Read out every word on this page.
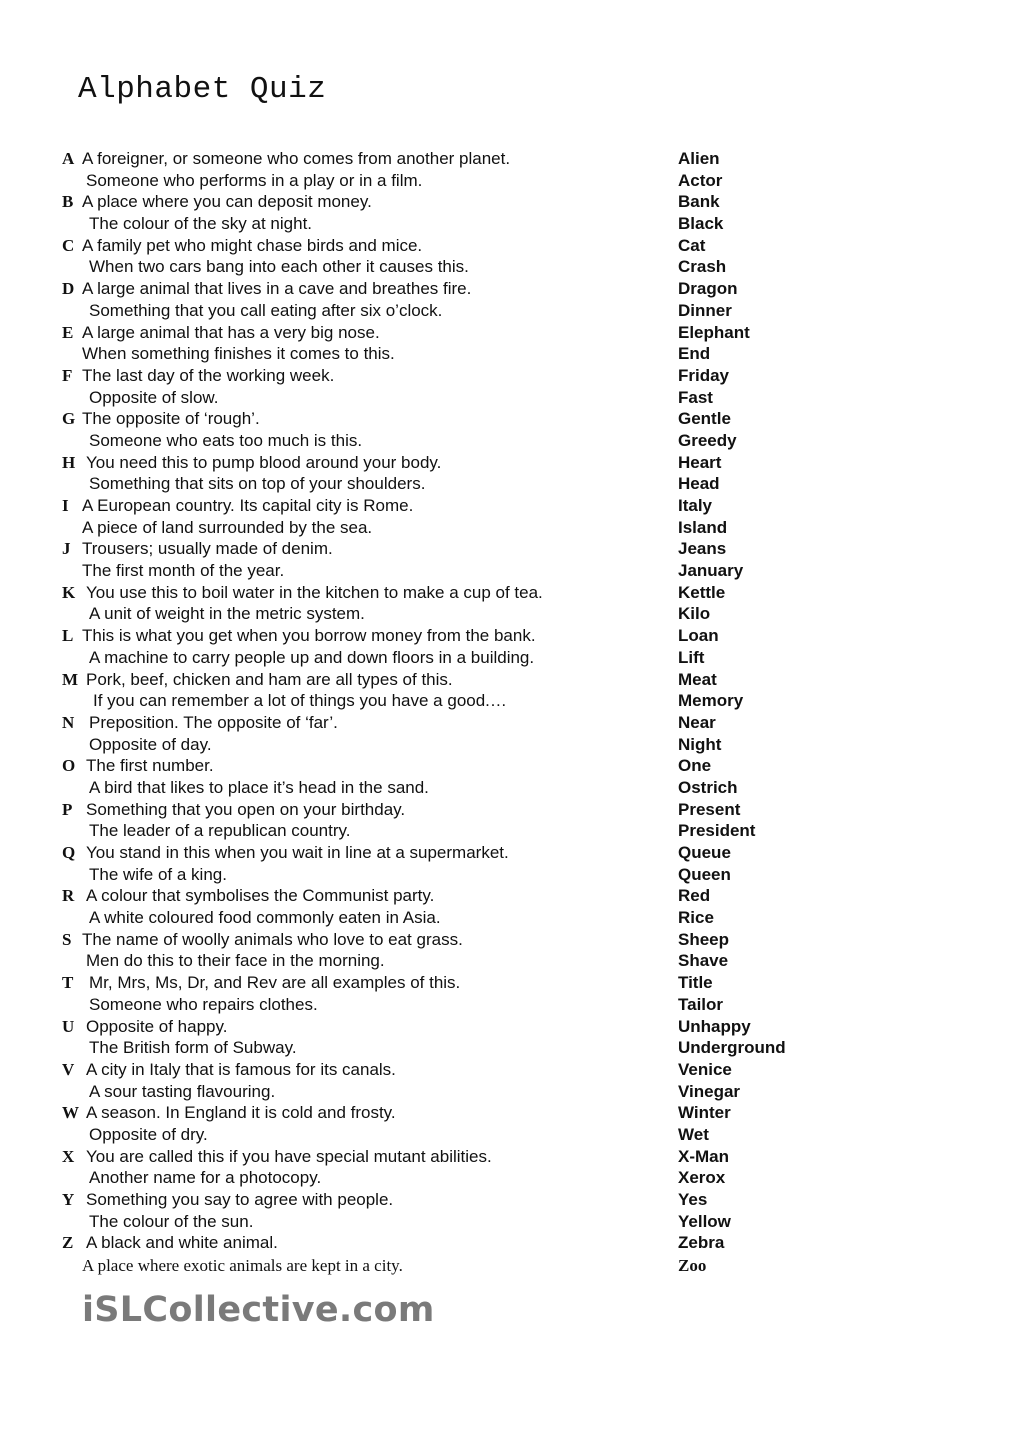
Alphabet Quiz
A A foreigner, or someone who comes from another planet.	Alien
Someone who performs in a play or in a film.	Actor
B A place where you can deposit money.	Bank
The colour of the sky at night.	Black
C A family pet who might chase birds and mice.	Cat
When two cars bang into each other it causes this.	Crash
D A large animal that lives in a cave and breathes fire.	Dragon
Something that you call eating after six o’clock.	Dinner
E A large animal that has a very big nose.	Elephant
When something finishes it comes to this.	End
F The last day of the working week.	Friday
Opposite of slow.	Fast
G The opposite of ‘rough’.	Gentle
Someone who eats too much is this.	Greedy
H You need this to pump blood around your body.	Heart
Something that sits on top of your shoulders.	Head
I A European country. Its capital city is Rome.	Italy
A piece of land surrounded by the sea.	Island
J Trousers; usually made of denim.	Jeans
The first month of the year.	January
K You use this to boil water in the kitchen to make a cup of tea.	Kettle
A unit of weight in the metric system.	Kilo
L This is what you get when you borrow money from the bank.	Loan
A machine to carry people up and down floors in a building.	Lift
M Pork, beef, chicken and ham are all types of this.	Meat
If you can remember a lot of things you have a good.…	Memory
N Preposition. The opposite of ‘far’.	Near
Opposite of day.	Night
O The first number.	One
A bird that likes to place it’s head in the sand.	Ostrich
P Something that you open on your birthday.	Present
The leader of a republican country.	President
Q You stand in this when you wait in line at a supermarket.	Queue
The wife of a king.	Queen
R A colour that symbolises the Communist party.	Red
A white coloured food commonly eaten in Asia.	Rice
S The name of woolly animals who love to eat grass.	Sheep
Men do this to their face in the morning.	Shave
T Mr, Mrs, Ms, Dr, and Rev are all examples of this.	Title
Someone who repairs clothes.	Tailor
U Opposite of happy.	Unhappy
The British form of Subway.	Underground
V A city in Italy that is famous for its canals.	Venice
A sour tasting flavouring.	Vinegar
W A season. In England it is cold and frosty.	Winter
Opposite of dry.	Wet
X You are called this if you have special mutant abilities.	X-Man
Another name for a photocopy.	Xerox
Y Something you say to agree with people.	Yes
The colour of the sun.	Yellow
Z A black and white animal.	Zebra
A place where exotic animals are kept in a city.	Zoo
iSLCollective.com
